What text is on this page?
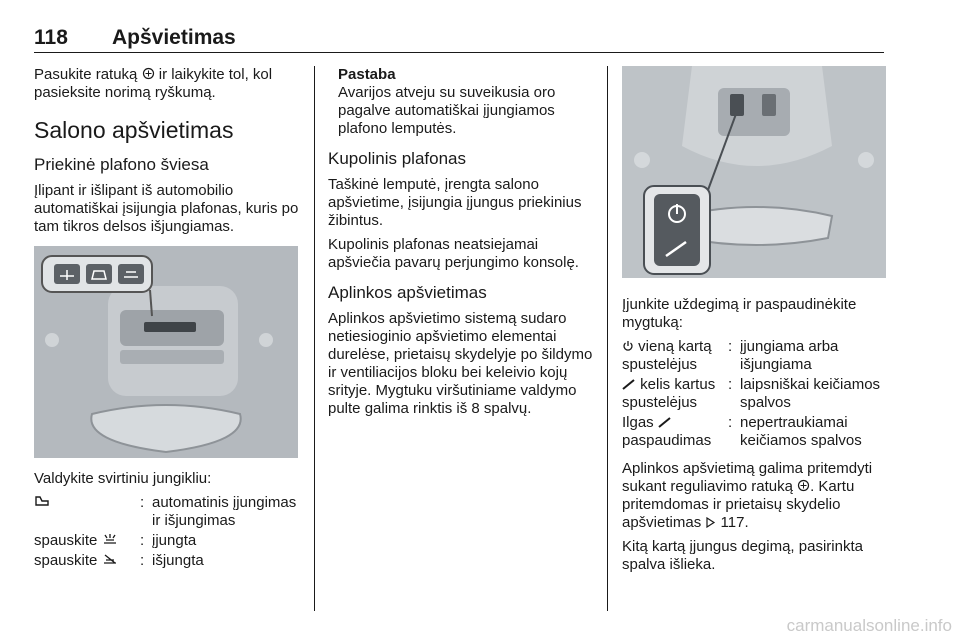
118 Apšvietimas

Pasukite ratuką ir laikykite tol, kol pasieksite norimą ryškumą.

Salono apšvietimas
Priekinė plafono šviesa

Įlipant ir išlipant iš automobilio automatiškai įsijungia plafonas, kuris po tam tikros delsos išjungiamas.

Valdykite svirtiniu jungikliu:

: automatinis įjungimas ir išjungimas
spauskite	: įjungta
spauskite	: išjungta

Pastaba

Avarijos atveju su suveikusia oro pagalve automatiškai įjungiamos plafono lemputės.

Kupolinis plafonas

Taškinė lemputė, įrengta salono apšvietime, įsijungia įjungus priekinius žibintus.

Kupolinis plafonas neatsiejamai apšviečia pavarų perjungimo konsolę.

Aplinkos apšvietimas

Aplinkos apšvietimo sistemą sudaro netiesioginio apšvietimo elementai durelėse, prietaisų skydelyje po šildymo ir ventiliacijos bloku bei keleivio kojų srityje. Mygtuku viršutiniame valdymo pulte galima rinktis iš 8 spalvų.

Įjunkite uždegimą ir paspaudinėkite mygtuką:

vieną kartą spustelėjus
: įjungiama arba išjungiama
kelis kartus spustelėjus
: laipsniškai keičiamos spalvos
Ilgas  paspaudimas
: nepertraukiamai keičiamos spalvos

Aplinkos apšvietimą galima pritemdyti sukant reguliavimo ratuką . Kartu pritemdomas ir prietaisų skydelio apšvietimas 117.

Kitą kartą įjungus degimą, pasirinkta spalva išlieka.

carmanualsonline.info
